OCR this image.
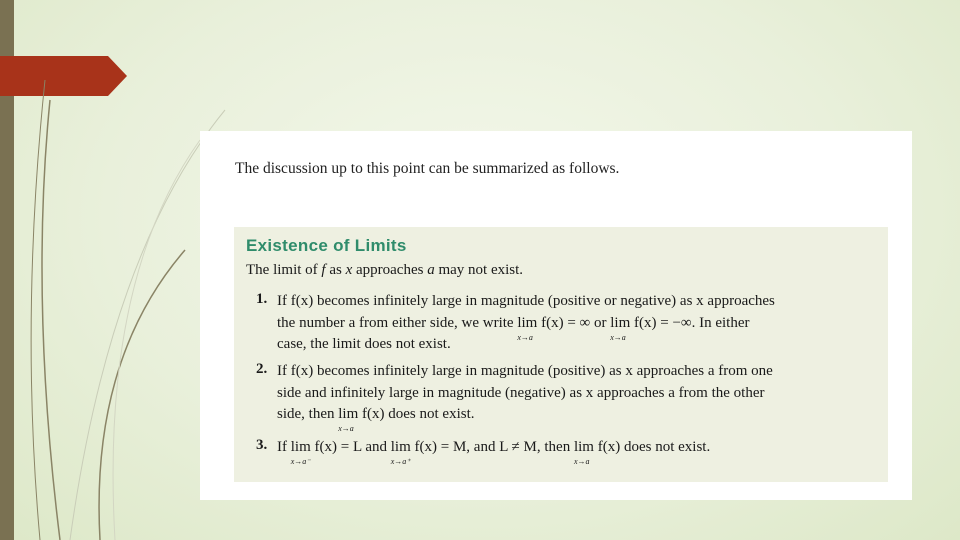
The discussion up to this point can be summarized as follows.

Existence of Limits

The limit of f as x approaches a may not exist.

1. If f(x) becomes infinitely large in magnitude (positive or negative) as x approaches
the number a from either side, we write lim
x→a
f(x) = ∞ or lim
x→a
f(x) = −∞. In either
case, the limit does not exist.
2. If f(x) becomes infinitely large in magnitude (positive) as x approaches a from one
side and infinitely large in magnitude (negative) as x approaches a from the other
side, then lim
x→a
f(x) does not exist.
3. If lim
x→a⁻
f(x) = L and lim
x→a⁺
f(x) = M, and L ≠ M, then lim
x→a
f(x) does not exist.
